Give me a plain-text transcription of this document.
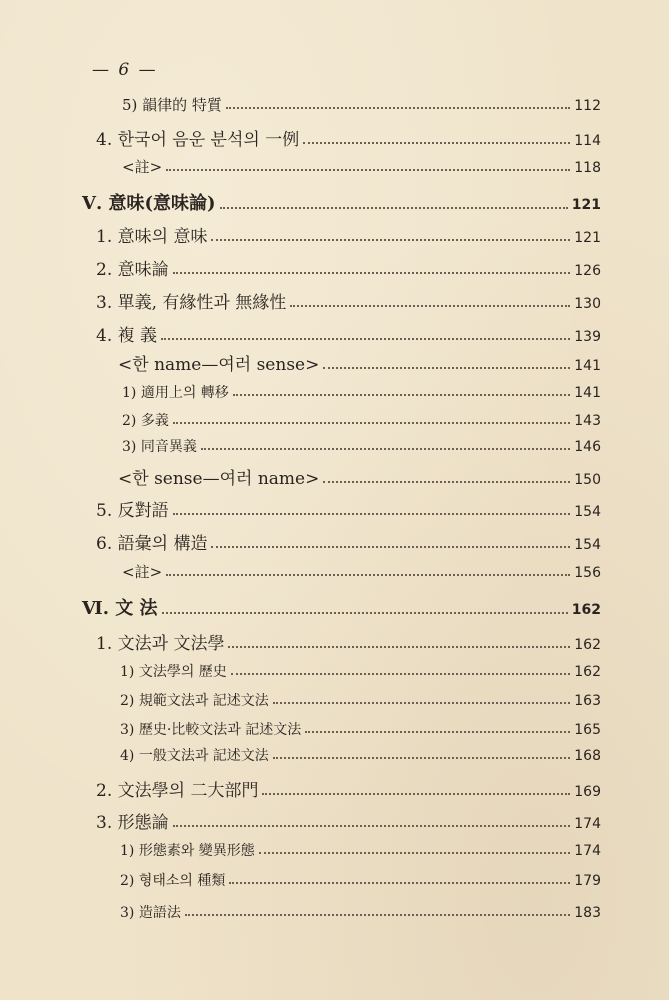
— 6 —
5) 韻律的 特質	112
4. 한국어 음운 분석의 一例	114
<註>	118
Ⅴ. 意味(意味論)	121
1. 意味의 意味	121
2. 意味論	126
3. 單義, 有緣性과 無緣性	130
4. 複 義	139
<한 name—여러 sense>	141
1) 適用上의 轉移	141
2) 多義	143
3) 同音異義	146
<한 sense—여러 name>	150
5. 反對語	154
6. 語彙의 構造	154
<註>	156
Ⅵ. 文 法	162
1. 文法과 文法學	162
1) 文法學의 歷史	162
2) 規範文法과 記述文法	163
3) 歷史·比較文法과 記述文法	165
4) 一般文法과 記述文法	168
2. 文法學의 二大部門	169
3. 形態論	174
1) 形態素와 變異形態	174
2) 형태소의 種類	179
3) 造語法	183
